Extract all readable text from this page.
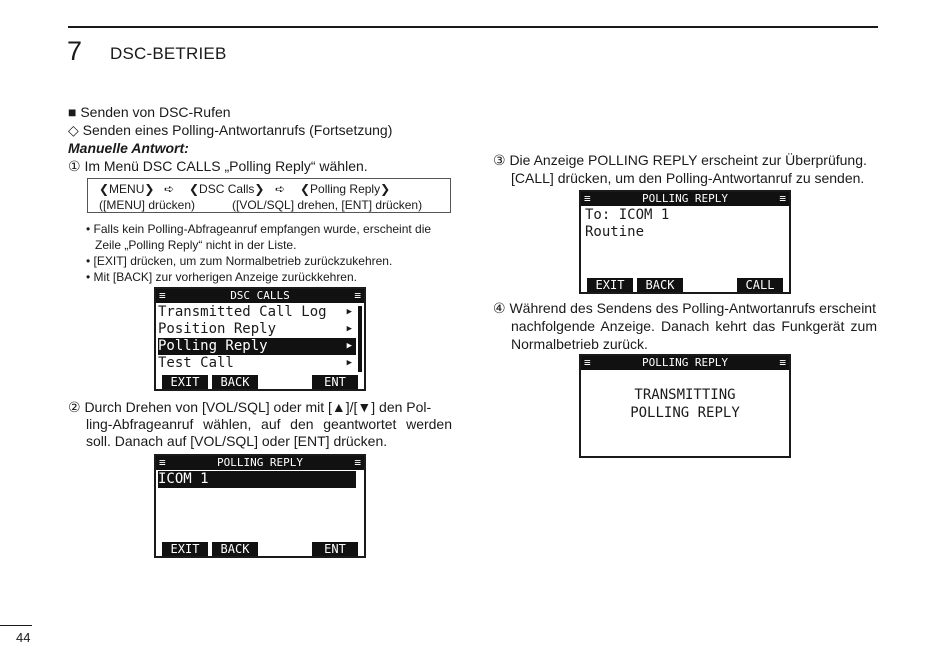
7 DSC-BETRIEB
■ Senden von DSC-Rufen
◇ Senden eines Polling-Antwortanrufs (Fortsetzung)
Manuelle Antwort:
① Im Menü DSC CALLS „Polling Reply“ wählen.
❮MENU❯ ➪ ❮DSC Calls❯ ➪ ❮Polling Reply❯
([MENU] drücken)	([VOL/SQL] drehen, [ENT] drücken)
• Falls kein Polling-Abfrageanruf empfangen wurde, erscheint die
Zeile „Polling Reply“ nicht in der Liste.
• [EXIT] drücken, um zum Normalbetrieb zurückzukehren.
• Mit [BACK] zur vorherigen Anzeige zurückkehren.
≡	DSC CALLS	≡
Transmitted Call Log ▶
Position Reply	▶
Polling Reply	▶
Test Call	▶
EXIT	BACK	ENT
② Durch Drehen von [VOL/SQL] oder mit [▲]/[▼] den Pol-
ling-Abfrageanruf wählen, auf den geantwortet werden
soll. Danach auf [VOL/SQL] oder [ENT] drücken.
≡	POLLING REPLY	≡
ICOM 1
EXIT	BACK	ENT
③ Die Anzeige POLLING REPLY erscheint zur Überprüfung.
[CALL] drücken, um den Polling-Antwortanruf zu senden.
≡	POLLING REPLY	≡
To: ICOM 1
Routine
EXIT	BACK	CALL
④ Während des Sendens des Polling-Antwortanrufs erscheint
nachfolgende Anzeige. Danach kehrt das Funkgerät zum
Normalbetrieb zurück.
≡	POLLING REPLY	≡
TRANSMITTING
POLLING REPLY
44
